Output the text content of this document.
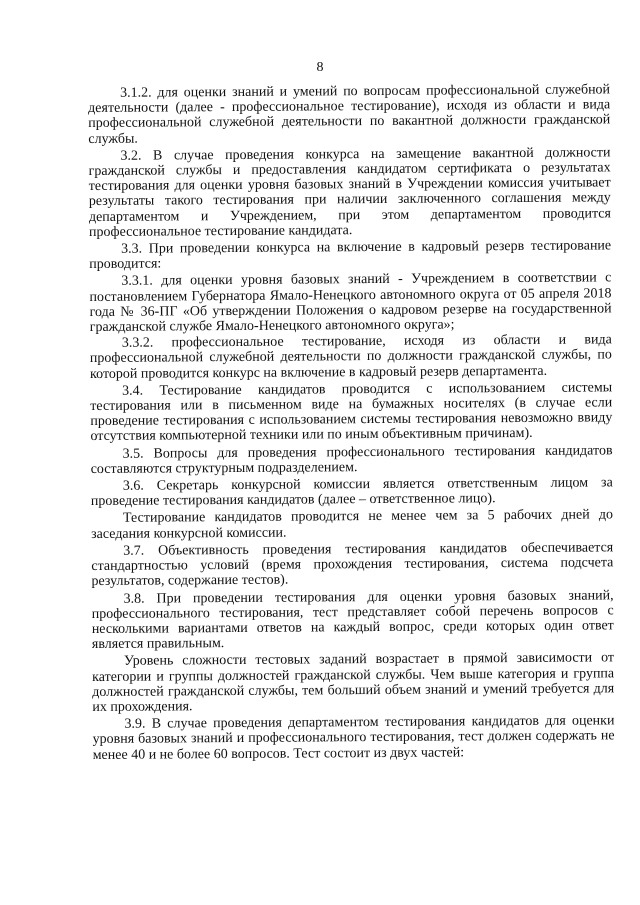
8

3.1.2. для оценки знаний и умений по вопросам профессиональной служебной деятельности (далее - профессиональное тестирование), исходя из области и вида профессиональной служебной деятельности по вакантной должности гражданской службы.

3.2. В случае проведения конкурса на замещение вакантной должности гражданской службы и предоставления кандидатом сертификата о результатах тестирования для оценки уровня базовых знаний в Учреждении комиссия учитывает результаты такого тестирования при наличии заключенного соглашения между департаментом и Учреждением, при этом департаментом проводится профессиональное тестирование кандидата.

3.3. При проведении конкурса на включение в кадровый резерв тестирование проводится:

3.3.1. для оценки уровня базовых знаний - Учреждением в соответствии с постановлением Губернатора Ямало-Ненецкого автономного округа от 05 апреля 2018 года № 36-ПГ «Об утверждении Положения о кадровом резерве на государственной гражданской службе Ямало-Ненецкого автономного округа»;

3.3.2. профессиональное тестирование, исходя из области и вида профессиональной служебной деятельности по должности гражданской службы, по которой проводится конкурс на включение в кадровый резерв департамента.

3.4. Тестирование кандидатов проводится с использованием системы тестирования или в письменном виде на бумажных носителях (в случае если проведение тестирования с использованием системы тестирования невозможно ввиду отсутствия компьютерной техники или по иным объективным причинам).

3.5. Вопросы для проведения профессионального тестирования кандидатов составляются структурным подразделением.

3.6. Секретарь конкурсной комиссии является ответственным лицом за проведение тестирования кандидатов (далее – ответственное лицо).

Тестирование кандидатов проводится не менее чем за 5 рабочих дней до заседания конкурсной комиссии.

3.7. Объективность проведения тестирования кандидатов обеспечивается стандартностью условий (время прохождения тестирования, система подсчета результатов, содержание тестов).

3.8. При проведении тестирования для оценки уровня базовых знаний, профессионального тестирования, тест представляет собой перечень вопросов с несколькими вариантами ответов на каждый вопрос, среди которых один ответ является правильным.

Уровень сложности тестовых заданий возрастает в прямой зависимости от категории и группы должностей гражданской службы. Чем выше категория и группа должностей гражданской службы, тем больший объем знаний и умений требуется для их прохождения.

3.9. В случае проведения департаментом тестирования кандидатов для оценки уровня базовых знаний и профессионального тестирования, тест должен содержать не менее 40 и не более 60 вопросов. Тест состоит из двух частей:
